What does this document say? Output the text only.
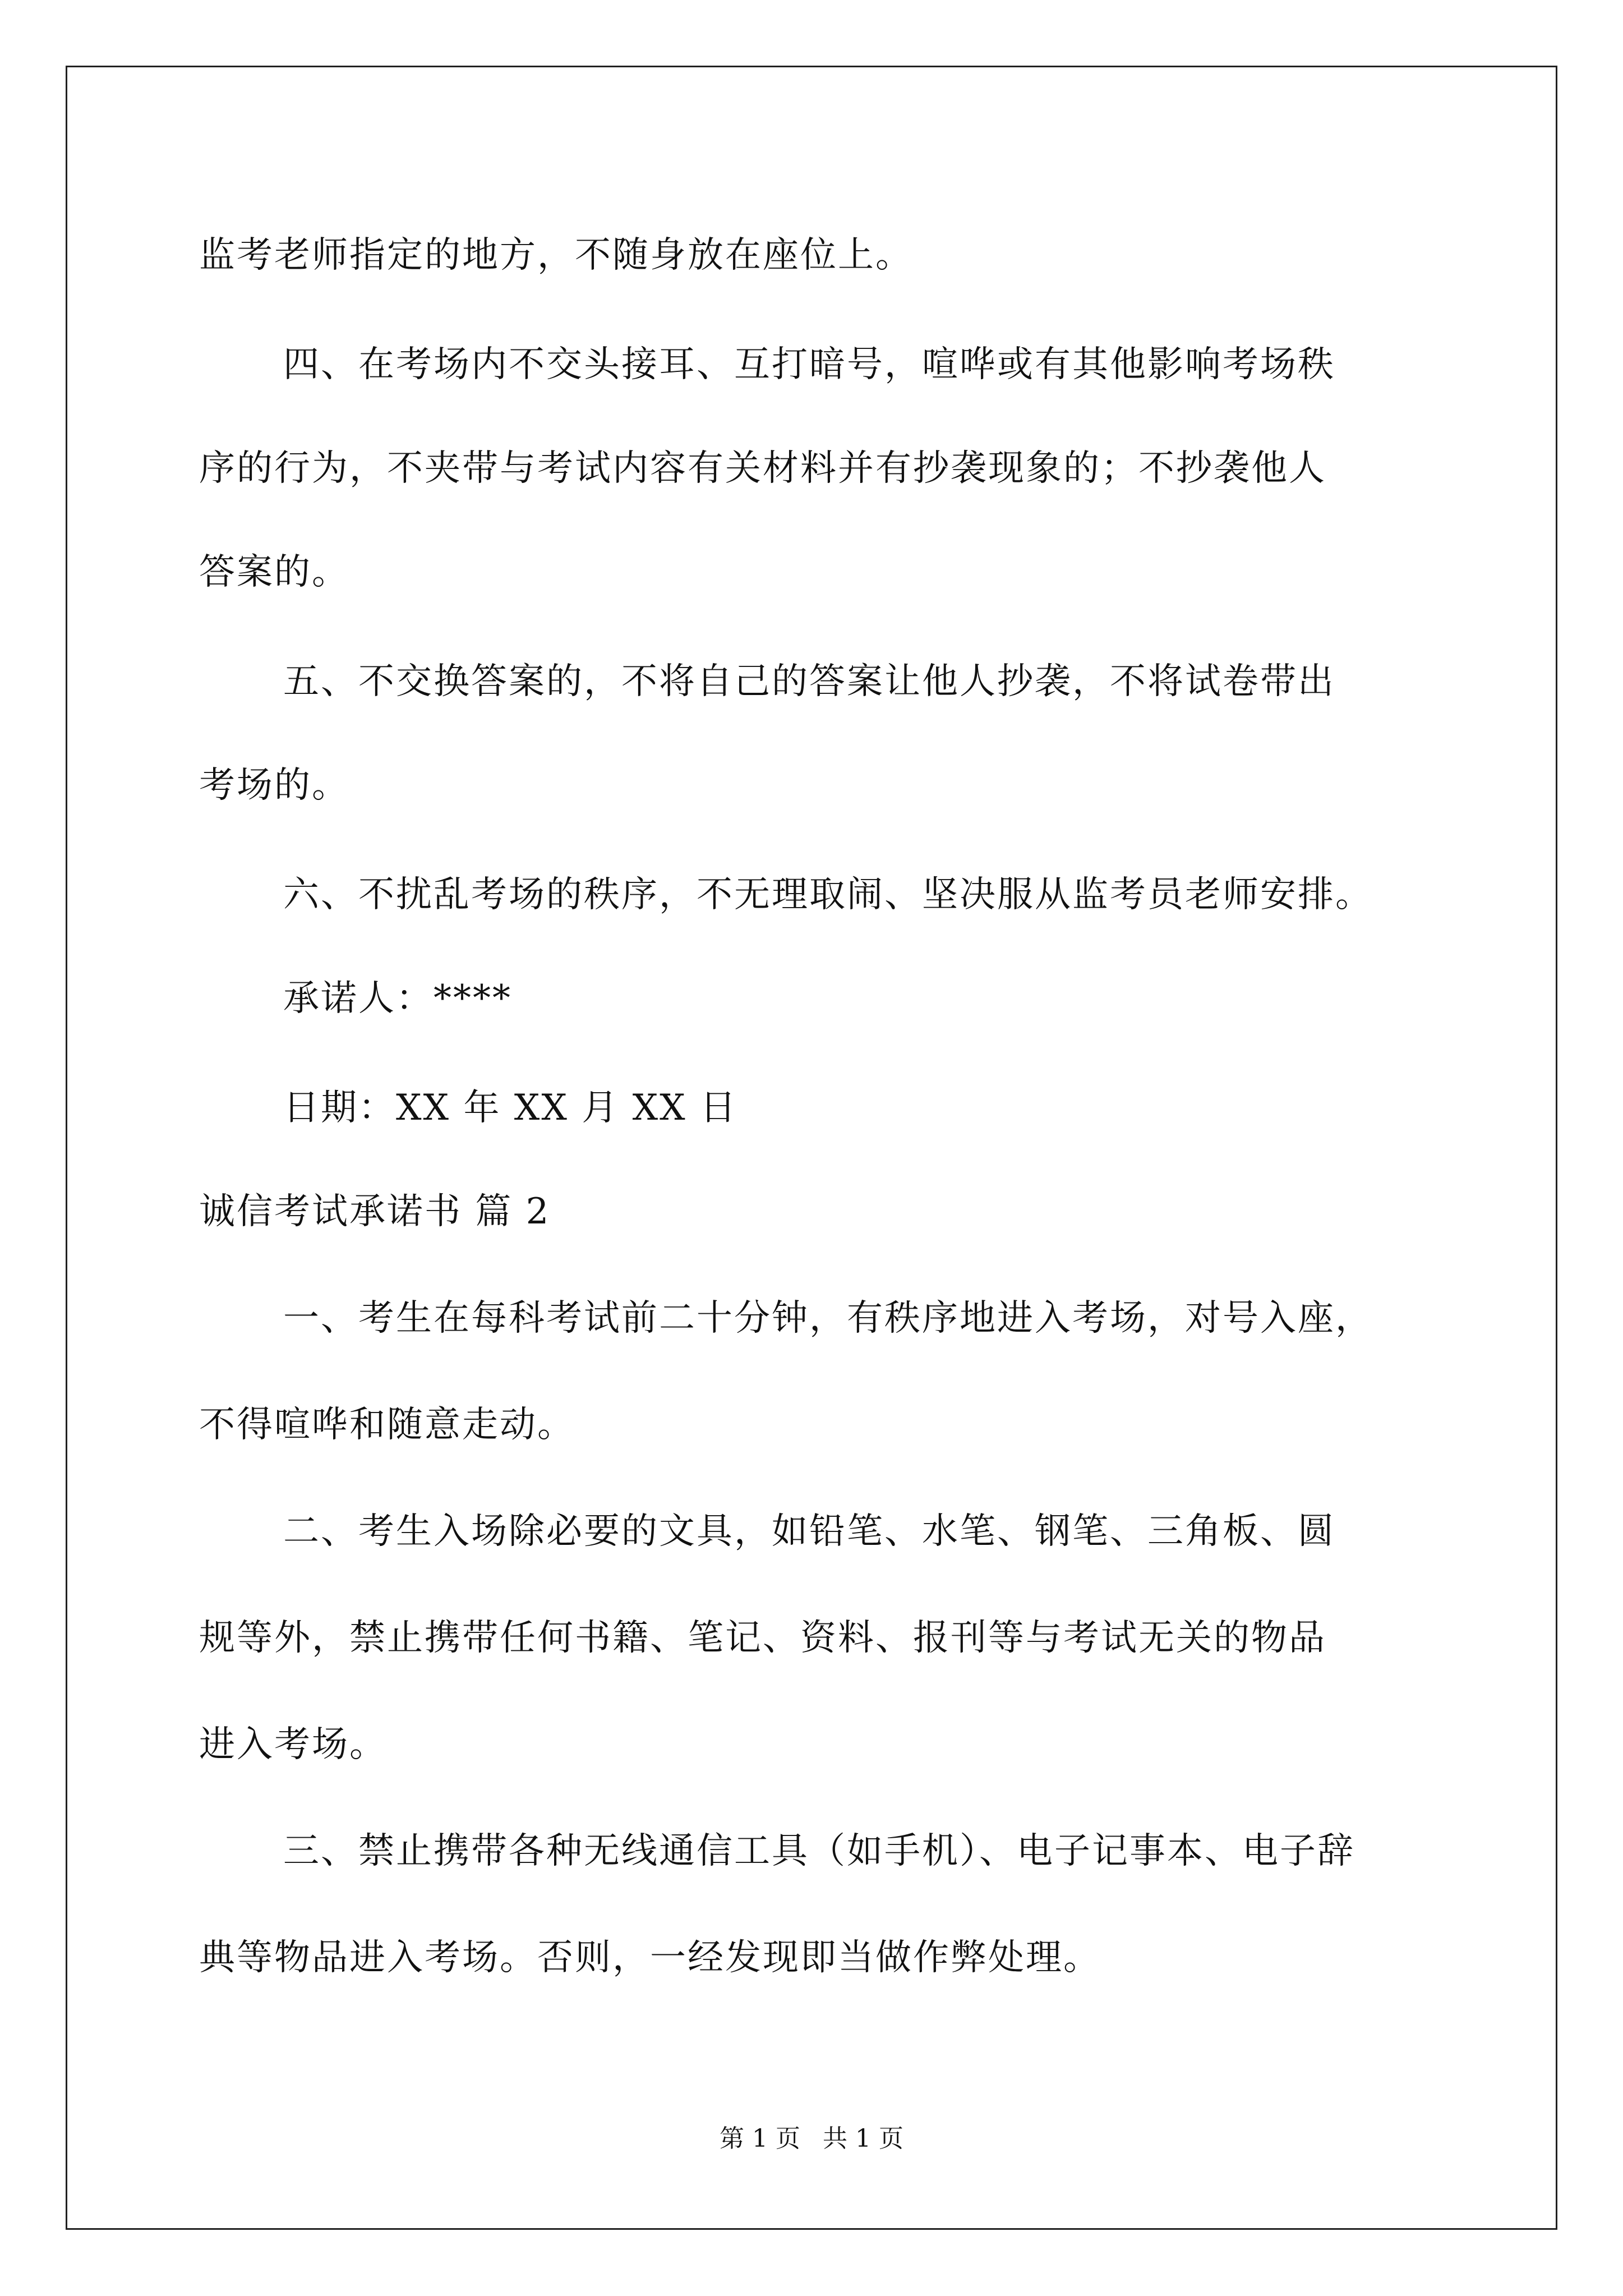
监考老师指定的地方，不随身放在座位上。
四、在考场内不交头接耳、互打暗号，喧哗或有其他影响考场秩
序的行为，不夹带与考试内容有关材料并有抄袭现象的；不抄袭他人
答案的。
五、不交换答案的，不将自己的答案让他人抄袭，不将试卷带出
考场的。
六、不扰乱考场的秩序，不无理取闹、坚决服从监考员老师安排。
承诺人：****
日期：XX 年 XX 月 XX 日
诚信考试承诺书 篇 2
一、考生在每科考试前二十分钟，有秩序地进入考场，对号入座，
不得喧哗和随意走动。
二、考生入场除必要的文具，如铅笔、水笔、钢笔、三角板、圆
规等外，禁止携带任何书籍、笔记、资料、报刊等与考试无关的物品
进入考场。
三、禁止携带各种无线通信工具（如手机）、电子记事本、电子辞
典等物品进入考场。否则，一经发现即当做作弊处理。
第 1 页 共 1 页
